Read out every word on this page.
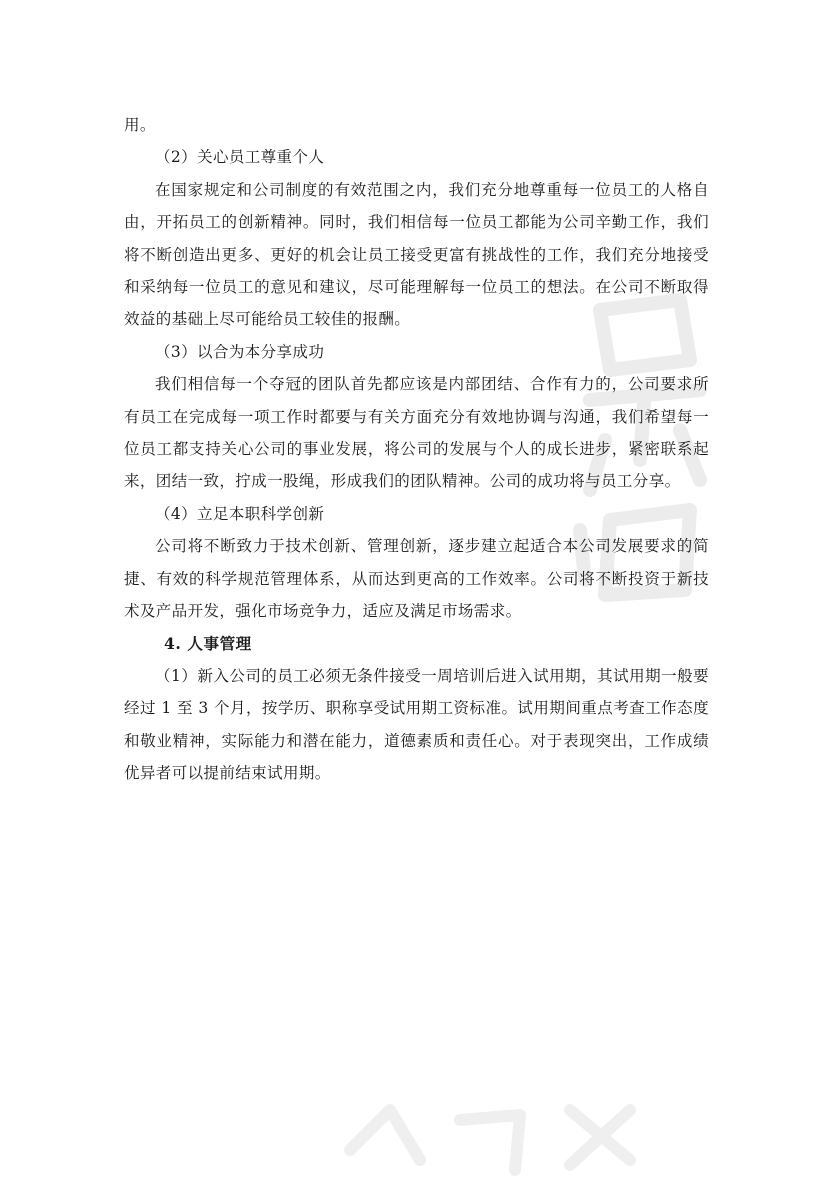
用。

（2）关心员工尊重个人

在国家规定和公司制度的有效范围之内，我们充分地尊重每一位员工的人格自由，开拓员工的创新精神。同时，我们相信每一位员工都能为公司辛勤工作，我们将不断创造出更多、更好的机会让员工接受更富有挑战性的工作，我们充分地接受和采纳每一位员工的意见和建议，尽可能理解每一位员工的想法。在公司不断取得效益的基础上尽可能给员工较佳的报酬。

（3）以合为本分享成功

我们相信每一个夺冠的团队首先都应该是内部团结、合作有力的，公司要求所有员工在完成每一项工作时都要与有关方面充分有效地协调与沟通，我们希望每一位员工都支持关心公司的事业发展，将公司的发展与个人的成长进步，紧密联系起来，团结一致，拧成一股绳，形成我们的团队精神。公司的成功将与员工分享。

（4）立足本职科学创新

公司将不断致力于技术创新、管理创新，逐步建立起适合本公司发展要求的简捷、有效的科学规范管理体系，从而达到更高的工作效率。公司将不断投资于新技术及产品开发，强化市场竞争力，适应及满足市场需求。

4. 人事管理

（1）新入公司的员工必须无条件接受一周培训后进入试用期，其试用期一般要经过 1 至 3 个月，按学历、职称享受试用期工资标准。试用期间重点考查工作态度和敬业精神，实际能力和潜在能力，道德素质和责任心。对于表现突出，工作成绩优异者可以提前结束试用期。
